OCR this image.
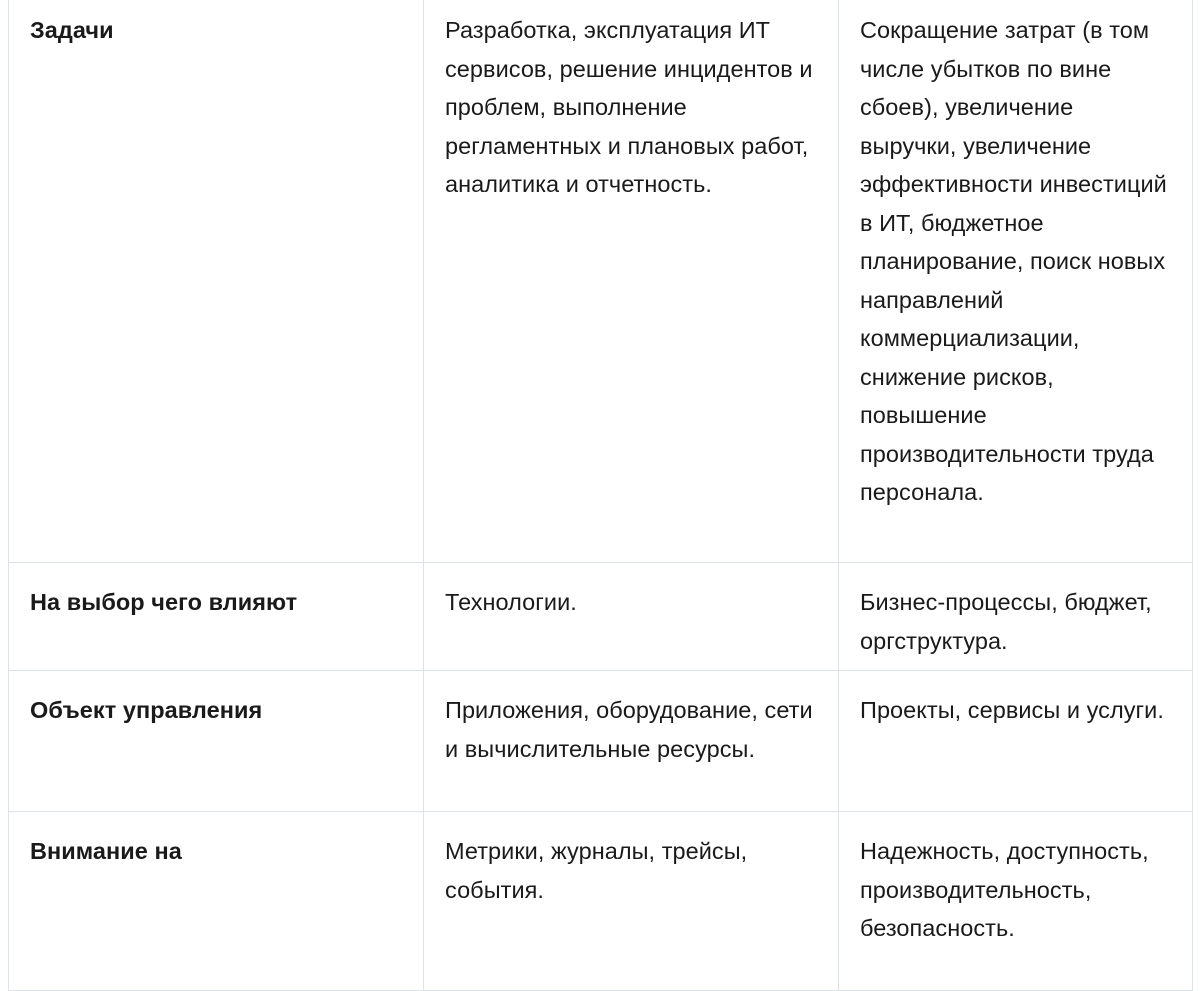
Задачи	Разработка, эксплуатация ИТ сервисов, решение инцидентов и проблем, выполнение регламентных и плановых работ, аналитика и отчетность.	Сокращение затрат (в том числе убытков по вине сбоев), увеличение выручки, увеличение эффективности инвестиций в ИТ, бюджетное планирование, поиск новых направлений коммерциализации, снижение рисков, повышение производительности труда персонала.
На выбор чего влияют	Технологии.	Бизнес-процессы, бюджет, оргструктура.
Объект управления	Приложения, оборудование, сети и вычислительные ресурсы.	Проекты, сервисы и услуги.
Внимание на	Метрики, журналы, трейсы, события.	Надежность, доступность, производительность, безопасность.
